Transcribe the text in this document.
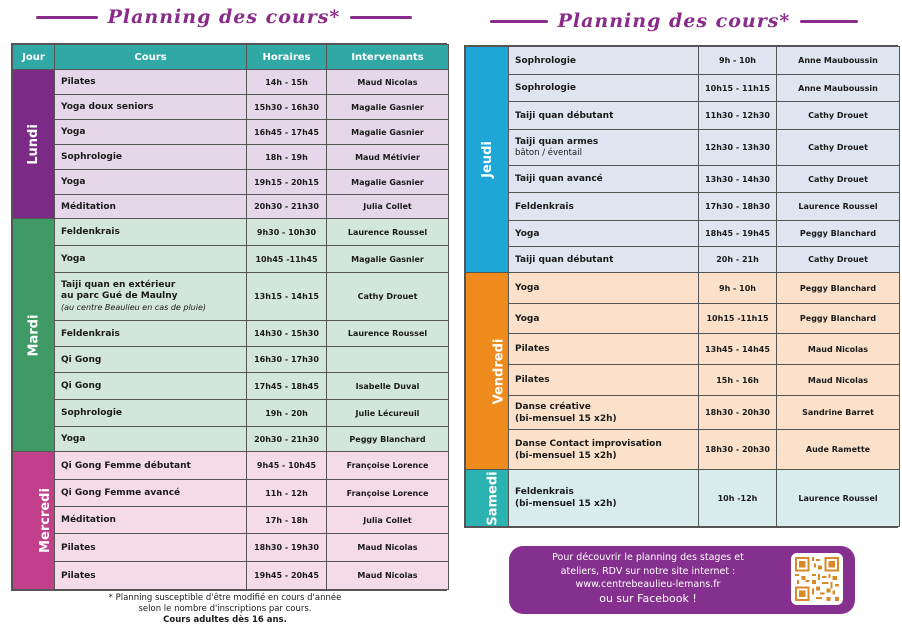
Planning des cours*	Planning des cours*
Jour	Cours	Horaires	Intervenants
Lundi	Pilates	14h - 15h	Maud Nicolas
	Yoga doux seniors	15h30 - 16h30	Magalie Gasnier
	Yoga	16h45 - 17h45	Magalie Gasnier
	Sophrologie	18h - 19h	Maud Métivier
	Yoga	19h15 - 20h15	Magalie Gasnier
	Méditation	20h30 - 21h30	Julia Collet
Mardi	Feldenkrais	9h30 - 10h30	Laurence Roussel
	Yoga	10h45 -11h45	Magalie Gasnier

	Taiji quan en extérieur
au parc Gué de Maulny
(au centre Beaulieu en cas de pluie)	13h15 - 14h15	Cathy Drouet
	Feldenkrais	14h30 - 15h30	Laurence Roussel
	Qi Gong	16h30 - 17h30	
	Qi Gong	17h45 - 18h45	Isabelle Duval
	Sophrologie	19h - 20h	Julie Lécureuil
	Yoga	20h30 - 21h30	Peggy Blanchard
Mercredi	Qi Gong Femme débutant	9h45 - 10h45	Françoise Lorence
	Qi Gong Femme avancé	11h - 12h	Françoise Lorence
	Méditation	17h - 18h	Julia Collet
	Pilates	18h30 - 19h30	Maud Nicolas
	Pilates	19h45 - 20h45	Maud Nicolas
Jeudi	Sophrologie	9h - 10h	Anne Mauboussin
	Sophrologie	10h15 - 11h15	Anne Mauboussin
	Taiji quan débutant	11h30 - 12h30	Cathy Drouet

	Taiji quan armes
bâton / éventail	12h30 - 13h30	Cathy Drouet
	Taiji quan avancé	13h30 - 14h30	Cathy Drouet
	Feldenkrais	17h30 - 18h30	Laurence Roussel
	Yoga	18h45 - 19h45	Peggy Blanchard
	Taiji quan débutant	20h - 21h	Cathy Drouet
Vendredi	Yoga	9h - 10h	Peggy Blanchard
	Yoga	10h15 -11h15	Peggy Blanchard
	Pilates	13h45 - 14h45	Maud Nicolas
	Pilates	15h - 16h	Maud Nicolas

	Danse créative
(bi-mensuel 15 x2h)	18h30 - 20h30	Sandrine Barret

	Danse Contact improvisation
(bi-mensuel 15 x2h)	18h30 - 20h30	Aude Ramette
Samedi	Feldenkrais
(bi-mensuel 15 x2h)	10h -12h	Laurence Roussel
* Planning susceptible d'être modifié en cours d'année
selon le nombre d'inscriptions par cours.
Cours adultes dès 16 ans.
Pour découvrir le planning des stages et
ateliers, RDV sur notre site internet :
www.centrebeaulieu-lemans.fr
ou sur Facebook !
